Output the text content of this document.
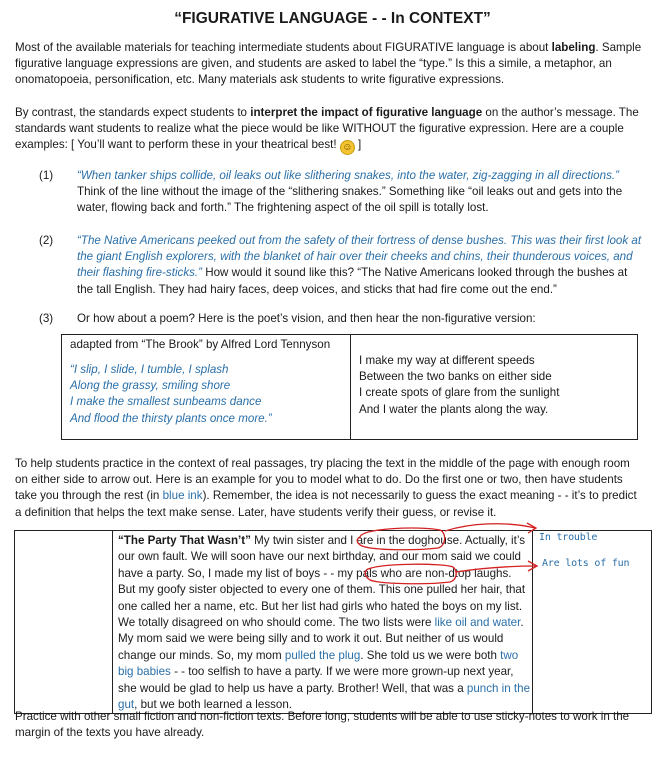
“FIGURATIVE LANGUAGE - - In CONTEXT”

Most of the available materials for teaching intermediate students about FIGURATIVE language is about labeling. Sample figurative language expressions are given, and students are asked to label the “type.” Is this a simile, a metaphor, an onomatopoeia, personification, etc. Many materials ask students to write figurative expressions.

By contrast, the standards expect students to interpret the impact of figurative language on the author’s message. The standards want students to realize what the piece would be like WITHOUT the figurative expression. Here are a couple examples: [ You’ll want to perform these in your theatrical best! ☺ ]

(1) “When tanker ships collide, oil leaks out like slithering snakes, into the water, zig-zagging in all directions.” Think of the line without the image of the “slithering snakes.” Something like “oil leaks out and gets into the water, flowing back and forth.” The frightening aspect of the oil spill is totally lost.
(2) “The Native Americans peeked out from the safety of their fortress of dense bushes. This was their first look at the giant English explorers, with the blanket of hair over their cheeks and chins, their thunderous voices, and their flashing fire-sticks.” How would it sound like this? “The Native Americans looked through the bushes at the tall English. They had hairy faces, deep voices, and sticks that had fire come out the end.”
(3) Or how about a poem? Here is the poet’s vision, and then hear the non-figurative version:
adapted from “The Brook” by Alfred Lord Tennyson
“I slip, I slide, I tumble, I splash
Along the grassy, smiling shore
I make the smallest sunbeams dance
And flood the thirsty plants once more.”

I make my way at different speeds
Between the two banks on either side
I create spots of glare from the sunlight
And I water the plants along the way.

To help students practice in the context of real passages, try placing the text in the middle of the page with enough room on either side to arrow out. Here is an example for you to model what to do. Do the first one or two, then have students take you through the rest (in blue ink). Remember, the idea is not necessarily to guess the exact meaning - - it’s to predict a definition that helps the text make sense. Later, have students verify their guess, or revise it.

	“The Party That Wasn’t” My twin sister and I are in the doghouse. Actually, it’s our own fault. We will soon have our next birthday, and our mom said we could have a party. So, I made my list of boys - - my pals who are non-dtop laughs. But my goofy sister objected to every one of them. This one pulled her hair, that one called her a name, etc. But her list had girls who hated the boys on my list. We totally disagreed on who should come. The two lists were like oil and water. My mom said we were being silly and to work it out. But neither of us would change our minds. So, my mom pulled the plug. She told us we were both two big babies - - too selfish to have a party. If we were more grown-up next year, she would be glad to help us have a party. Brother! Well, that was a punch in the gut, but we both learned a lesson.	
In trouble
Are lots of fun

Practice with other small fiction and non-fiction texts. Before long, students will be able to use sticky-notes to work in the margin of the texts you have already.
